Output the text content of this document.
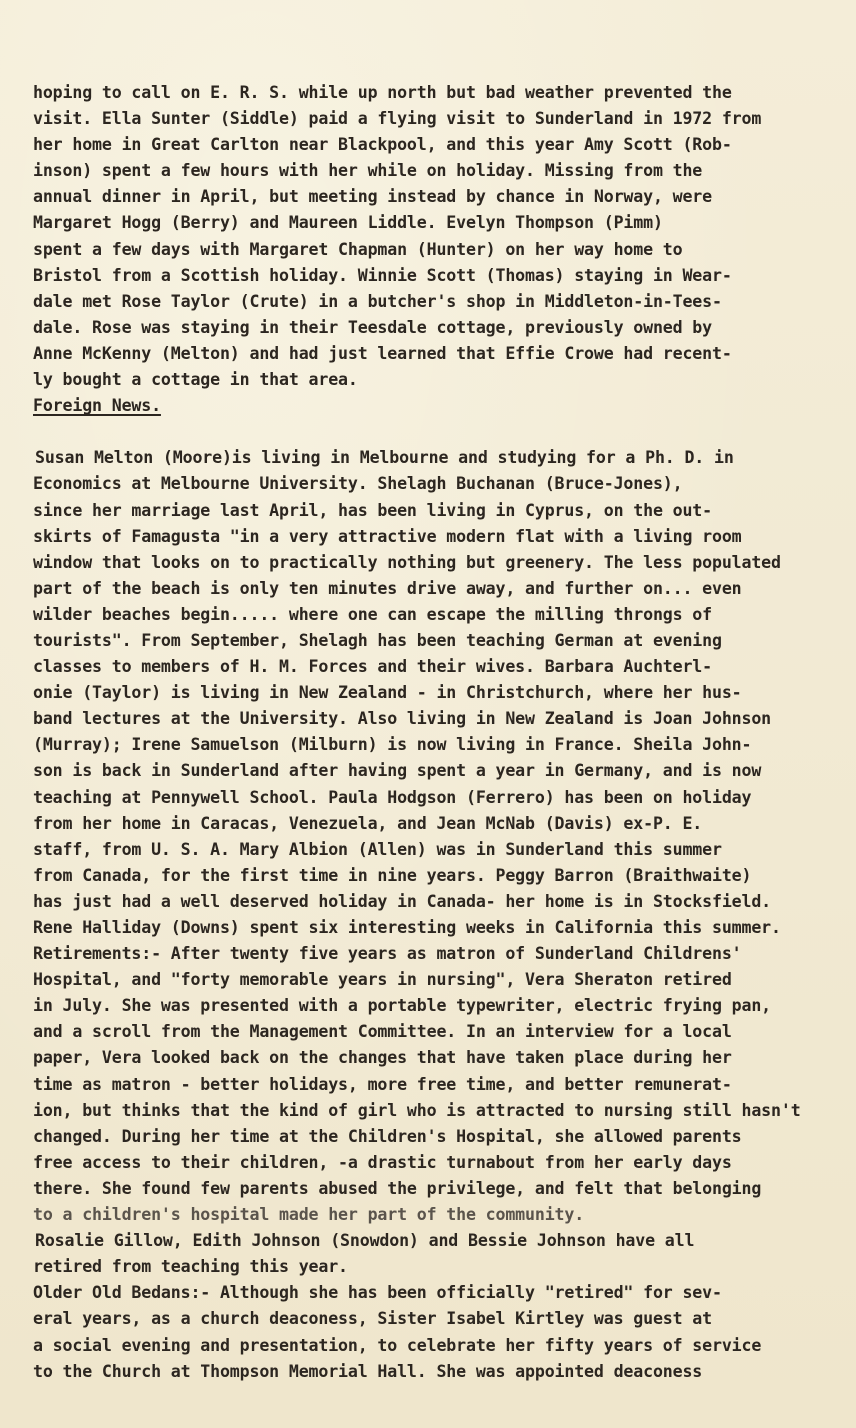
hoping to call on E. R. S. while up north but bad weather prevented the
visit. Ella Sunter (Siddle) paid a flying visit to Sunderland in 1972 from
her home in Great Carlton near Blackpool, and this year Amy Scott (Rob-
inson) spent a few hours with her while on holiday. Missing from the
annual dinner in April, but meeting instead by chance in Norway, were
Margaret Hogg (Berry) and Maureen Liddle. Evelyn Thompson (Pimm)
spent a few days with Margaret Chapman (Hunter) on her way home to
Bristol from a Scottish holiday. Winnie Scott (Thomas) staying in Wear-
dale met Rose Taylor (Crute) in a butcher's shop in Middleton-in-Tees-
dale. Rose was staying in their Teesdale cottage, previously owned by
Anne McKenny (Melton) and had just learned that Effie Crowe had recent-
ly bought a cottage in that area.
Foreign News.
Susan Melton (Moore)is living in Melbourne and studying for a Ph. D. in
Economics at Melbourne University. Shelagh Buchanan (Bruce-Jones),
since her marriage last April, has been living in Cyprus, on the out-
skirts of Famagusta "in a very attractive modern flat with a living room
window that looks on to practically nothing but greenery. The less populated
part of the beach is only ten minutes drive away, and further on... even
wilder beaches begin..... where one can escape the milling throngs of
tourists". From September, Shelagh has been teaching German at evening
classes to members of H. M. Forces and their wives. Barbara Auchterl-
onie (Taylor) is living in New Zealand - in Christchurch, where her hus-
band lectures at the University. Also living in New Zealand is Joan Johnson
(Murray); Irene Samuelson (Milburn) is now living in France. Sheila John-
son is back in Sunderland after having spent a year in Germany, and is now
teaching at Pennywell School. Paula Hodgson (Ferrero) has been on holiday
from her home in Caracas, Venezuela, and Jean McNab (Davis) ex-P. E.
staff, from U. S. A. Mary Albion (Allen) was in Sunderland this summer
from Canada, for the first time in nine years. Peggy Barron (Braithwaite)
has just had a well deserved holiday in Canada- her home is in Stocksfield.
Rene Halliday (Downs) spent six interesting weeks in California this summer.
Retirements:- After twenty five years as matron of Sunderland Childrens'
Hospital, and "forty memorable years in nursing", Vera Sheraton retired
in July. She was presented with a portable typewriter, electric frying pan,
and a scroll from the Management Committee. In an interview for a local
paper, Vera looked back on the changes that have taken place during her
time as matron - better holidays, more free time, and better remunerat-
ion, but thinks that the kind of girl who is attracted to nursing still hasn't
changed. During her time at the Children's Hospital, she allowed parents
free access to their children, -a drastic turnabout from her early days
there. She found few parents abused the privilege, and felt that belonging
to a children's hospital made her part of the community.
Rosalie Gillow, Edith Johnson (Snowdon) and Bessie Johnson have all
retired from teaching this year.
Older Old Bedans:- Although she has been officially "retired" for sev-
eral years, as a church deaconess, Sister Isabel Kirtley was guest at
a social evening and presentation, to celebrate her fifty years of service
to the Church at Thompson Memorial Hall. She was appointed deaconess
